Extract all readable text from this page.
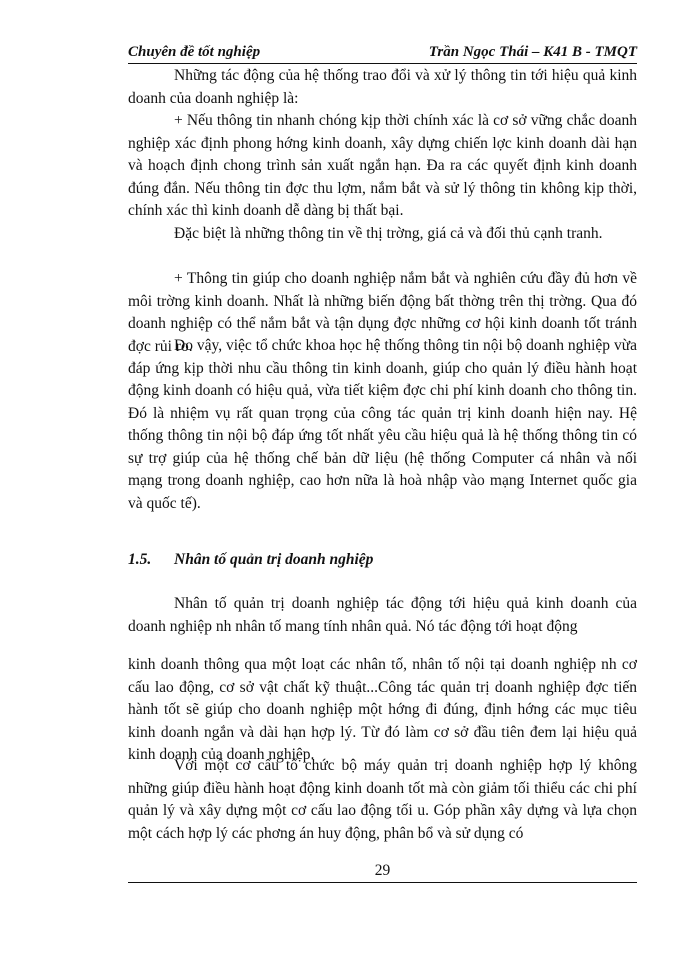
Chuyên đề tốt nghiệp	Trần Ngọc Thái – K41 B - TMQT

Những tác động của hệ thống trao đổi và xử lý thông tin tới hiệu quả kinh doanh của doanh nghiệp là:

+ Nếu thông tin nhanh chóng kịp thời chính xác là cơ sở vững chắc doanh nghiệp xác định phong hớng kinh doanh, xây dựng chiến lợc kinh doanh dài hạn và hoạch định chong trình sản xuất ngắn hạn. Đa ra các quyết định kinh doanh đúng đắn. Nếu thông tin đợc thu lợm, nắm bắt và sử lý thông tin không kịp thời, chính xác thì kinh doanh dễ dàng bị thất bại.

Đặc biệt là những thông tin về thị trờng, giá cả và đối thủ cạnh tranh.

+ Thông tin giúp cho doanh nghiệp nắm bắt và nghiên cứu đầy đủ hơn về môi trờng kinh doanh. Nhất là những biến động bất thờng trên thị trờng. Qua đó doanh nghiệp có thể nắm bắt và tận dụng đợc những cơ hội kinh doanh tốt tránh đợc rủi ro.

Do vậy, việc tổ chức khoa học hệ thống thông tin nội bộ doanh nghiệp vừa đáp ứng kịp thời nhu cầu thông tin kinh doanh, giúp cho quản lý điều hành hoạt động kinh doanh có hiệu quả, vừa tiết kiệm đợc chi phí kinh doanh cho thông tin. Đó là nhiệm vụ rất quan trọng của công tác quản trị kinh doanh hiện nay. Hệ thống thông tin nội bộ đáp ứng tốt nhất yêu cầu hiệu quả là hệ thống thông tin có sự trợ giúp của hệ thống chế bản dữ liệu (hệ thống Computer cá nhân và nối mạng trong doanh nghiệp, cao hơn nữa là hoà nhập vào mạng Internet quốc gia và quốc tế).

1.5. Nhân tố quản trị doanh nghiệp

Nhân tố quản trị doanh nghiệp tác động tới hiệu quả kinh doanh của doanh nghiệp nh nhân tố mang tính nhân quả. Nó tác động tới hoạt động

kinh doanh thông qua một loạt các nhân tố, nhân tố nội tại doanh nghiệp nh cơ cấu lao động, cơ sở vật chất kỹ thuật...Công tác quản trị doanh nghiệp đợc tiến hành tốt sẽ giúp cho doanh nghiệp một hớng đi đúng, định hớng các mục tiêu kinh doanh ngắn và dài hạn hợp lý. Từ đó làm cơ sở đầu tiên đem lại hiệu quả kinh doanh của doanh nghiệp.

Với một cơ cấu tổ chức bộ máy quản trị doanh nghiệp hợp lý không những giúp điều hành hoạt động kinh doanh tốt mà còn giảm tối thiểu các chi phí quản lý và xây dựng một cơ cấu lao động tối u. Góp phần xây dựng và lựa chọn một cách hợp lý các phơng án huy động, phân bổ và sử dụng có

29
